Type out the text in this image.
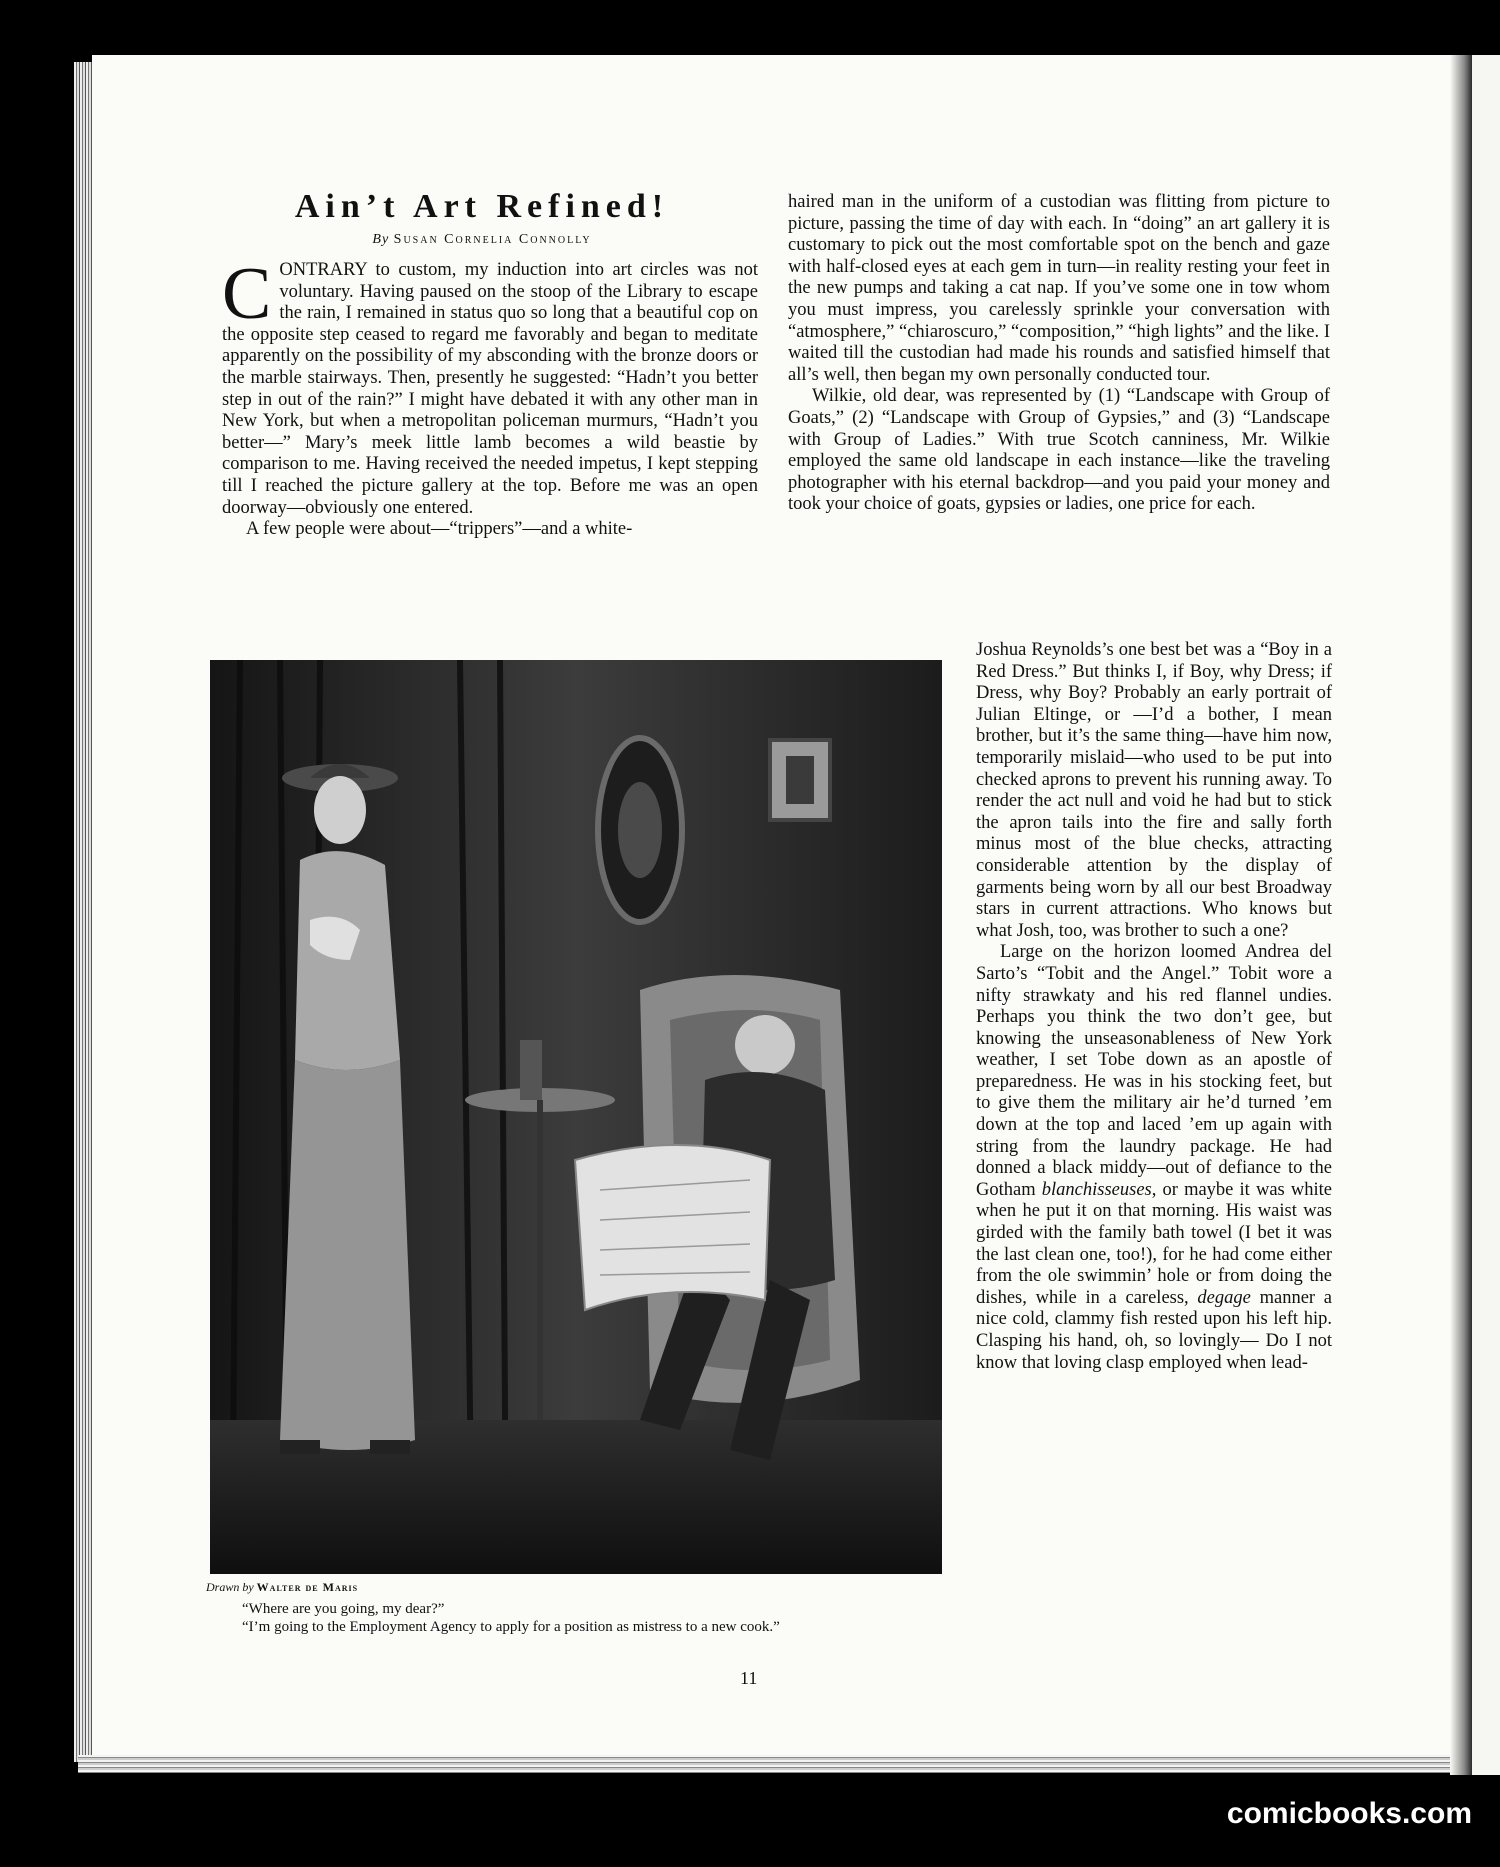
Ain’t Art Refined!
By Susan Cornelia Connolly

CONTRARY to custom, my induction into art circles was not voluntary. Having paused on the stoop of the Library to escape the rain, I remained in status quo so long that a beautiful cop on the opposite step ceased to regard me favorably and began to meditate apparently on the possibility of my absconding with the bronze doors or the marble stairways. Then, presently he suggested: “Hadn’t you better step in out of the rain?” I might have debated it with any other man in New York, but when a metropolitan policeman murmurs, “Hadn’t you better—” Mary’s meek little lamb becomes a wild beastie by comparison to me. Having received the needed impetus, I kept stepping till I reached the picture gallery at the top. Before me was an open doorway—obviously one entered.

A few people were about—“trippers”—and a white-

haired man in the uniform of a custodian was flitting from picture to picture, passing the time of day with each. In “doing” an art gallery it is customary to pick out the most comfortable spot on the bench and gaze with half-closed eyes at each gem in turn—in reality resting your feet in the new pumps and taking a cat nap. If you’ve some one in tow whom you must impress, you carelessly sprinkle your conversation with “atmosphere,” “chiaroscuro,” “composition,” “high lights” and the like. I waited till the custodian had made his rounds and satisfied himself that all’s well, then began my own personally conducted tour.

Wilkie, old dear, was represented by (1) “Landscape with Group of Goats,” (2) “Landscape with Group of Gypsies,” and (3) “Landscape with Group of Ladies.” With true Scotch canniness, Mr. Wilkie employed the same old landscape in each instance—like the traveling photographer with his eternal backdrop—and you paid your money and took your choice of goats, gypsies or ladies, one price for each.

Joshua Reynolds’s one best bet was a “Boy in a Red Dress.” But thinks I, if Boy, why Dress; if Dress, why Boy? Probably an early portrait of Julian Eltinge, or —I’d a bother, I mean brother, but it’s the same thing—have him now, temporarily mislaid—who used to be put into checked aprons to prevent his running away. To render the act null and void he had but to stick the apron tails into the fire and sally forth minus most of the blue checks, attracting considerable attention by the display of garments being worn by all our best Broadway stars in current attractions. Who knows but what Josh, too, was brother to such a one?

Large on the horizon loomed Andrea del Sarto’s “Tobit and the Angel.” Tobit wore a nifty strawkaty and his red flannel undies. Perhaps you think the two don’t gee, but knowing the unseasonableness of New York weather, I set Tobe down as an apostle of preparedness. He was in his stocking feet, but to give them the military air he’d turned ’em down at the top and laced ’em up again with string from the laundry package. He had donned a black middy—out of defiance to the Gotham blanchisseuses, or maybe it was white when he put it on that morning. His waist was girded with the family bath towel (I bet it was the last clean one, too!), for he had come either from the ole swimmin’ hole or from doing the dishes, while in a careless, degage manner a nice cold, clammy fish rested upon his left hip. Clasping his hand, oh, so lovingly— Do I not know that loving clasp employed when lead-

Drawn by Walter de Maris

“Where are you going, my dear?”

“I’m going to the Employment Agency to apply for a position as mistress to a new cook.”

11
comicbooks.com
